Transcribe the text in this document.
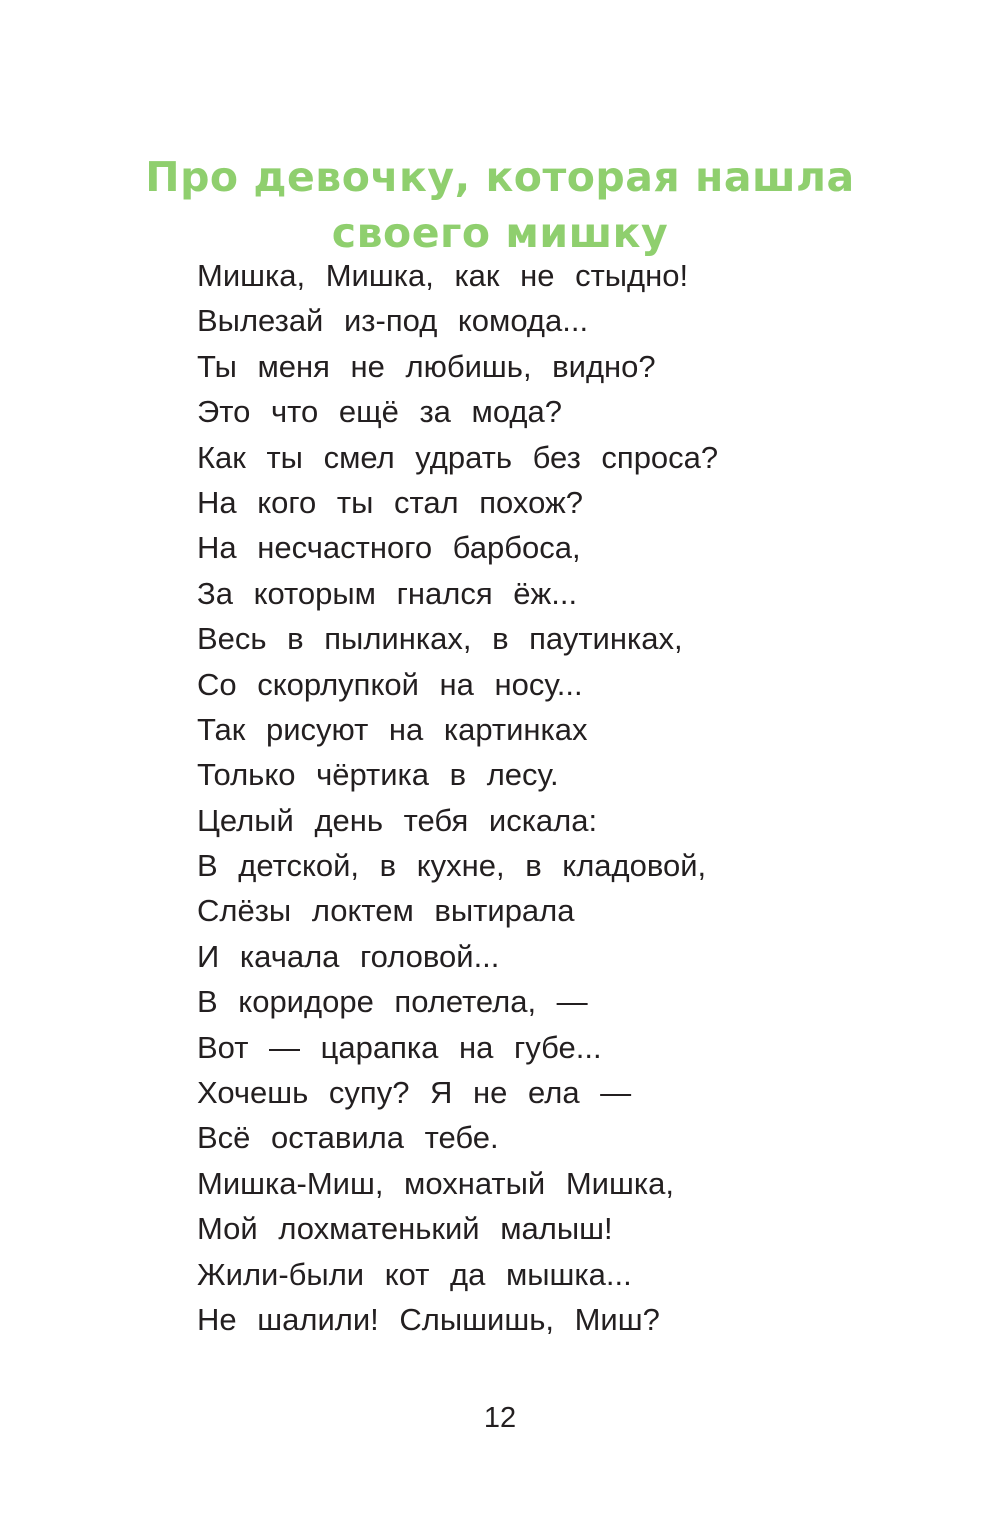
Про девочку, которая нашла
своего мишку
Мишка, Мишка, как не стыдно!
Вылезай из-под комода...
Ты меня не любишь, видно?
Это что ещё за мода?
Как ты смел удрать без спроса?
На кого ты стал похож?
На несчастного барбоса,
За которым гнался ёж...
Весь в пылинках, в паутинках,
Со скорлупкой на носу...
Так рисуют на картинках
Только чёртика в лесу.
Целый день тебя искала:
В детской, в кухне, в кладовой,
Слёзы локтем вытирала
И качала головой...
В коридоре полетела, —
Вот — царапка на губе...
Хочешь супу? Я не ела —
Всё оставила тебе.
Мишка-Миш, мохнатый Мишка,
Мой лохматенький малыш!
Жили-были кот да мышка...
Не шалили! Слышишь, Миш?
12
